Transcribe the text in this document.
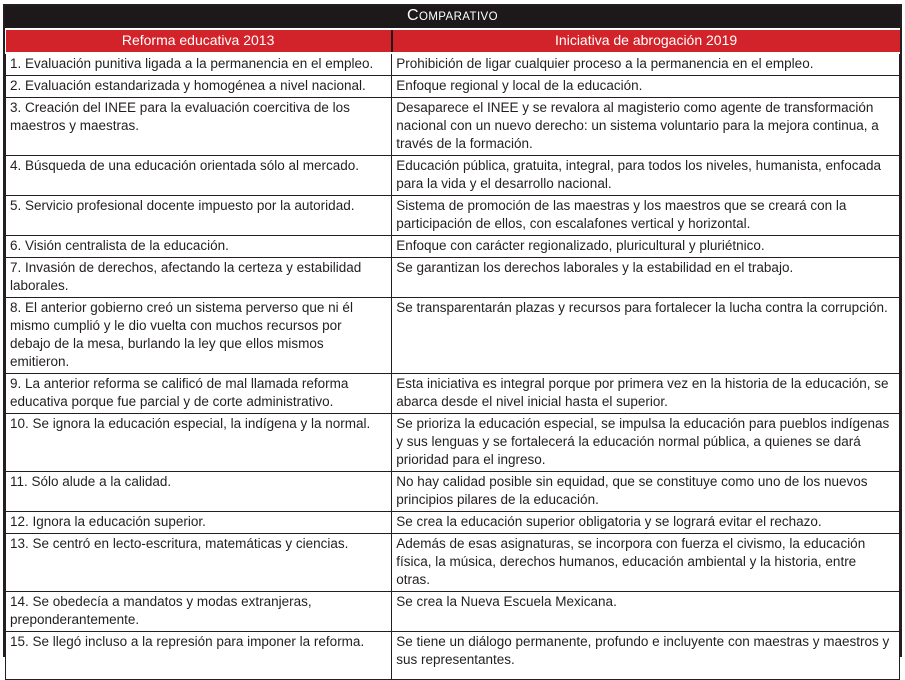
COMPARATIVO
Reforma educativa 2013	Iniciativa de abrogación 2019
1. Evaluación punitiva ligada a la permanencia en el empleo.	Prohibición de ligar cualquier proceso a la permanencia en el empleo.
2. Evaluación estandarizada y homogénea a nivel nacional.	Enfoque regional y local de la educación.
3. Creación del INEE para la evaluación coercitiva de los maestros y maestras.	Desaparece el INEE y se revalora al magisterio como agente de transformación nacional con un nuevo derecho: un sistema voluntario para la mejora continua, a través de la formación.
4. Búsqueda de una educación orientada sólo al mercado.	Educación pública, gratuita, integral, para todos los niveles, humanista, enfocada para la vida y el desarrollo nacional.
5. Servicio profesional docente impuesto por la autoridad.	Sistema de promoción de las maestras y los maestros que se creará con la participación de ellos, con escalafones vertical y horizontal.
6. Visión centralista de la educación.	Enfoque con carácter regionalizado, pluricultural y pluriétnico.
7. Invasión de derechos, afectando la certeza y estabilidad laborales.	Se garantizan los derechos laborales y la estabilidad en el trabajo.
8. El anterior gobierno creó un sistema perverso que ni él mismo cumplió y le dio vuelta con muchos recursos por debajo de la mesa, burlando la ley que ellos mismos emitieron.	Se transparentarán plazas y recursos para fortalecer la lucha contra la corrupción.
9. La anterior reforma se calificó de mal llamada reforma educativa porque fue parcial y de corte administrativo.	Esta iniciativa es integral porque por primera vez en la historia de la educación, se abarca desde el nivel inicial hasta el superior.
10. Se ignora la educación especial, la indígena y la normal.	Se prioriza la educación especial, se impulsa la educación para pueblos indígenas y sus lenguas y se fortalecerá la educación normal pública, a quienes se dará prioridad para el ingreso.
11. Sólo alude a la calidad.	No hay calidad posible sin equidad, que se constituye como uno de los nuevos principios pilares de la educación.
12. Ignora la educación superior.	Se crea la educación superior obligatoria y se logrará evitar el rechazo.
13. Se centró en lecto-escritura, matemáticas y ciencias.	Además de esas asignaturas, se incorpora con fuerza el civismo, la educación física, la música, derechos humanos, educación ambiental y la historia, entre otras.
14. Se obedecía a mandatos y modas extranjeras, preponderantemente.	Se crea la Nueva Escuela Mexicana.
15. Se llegó incluso a la represión para imponer la reforma.	Se tiene un diálogo permanente, profundo e incluyente con maestras y maestros y sus representantes.
